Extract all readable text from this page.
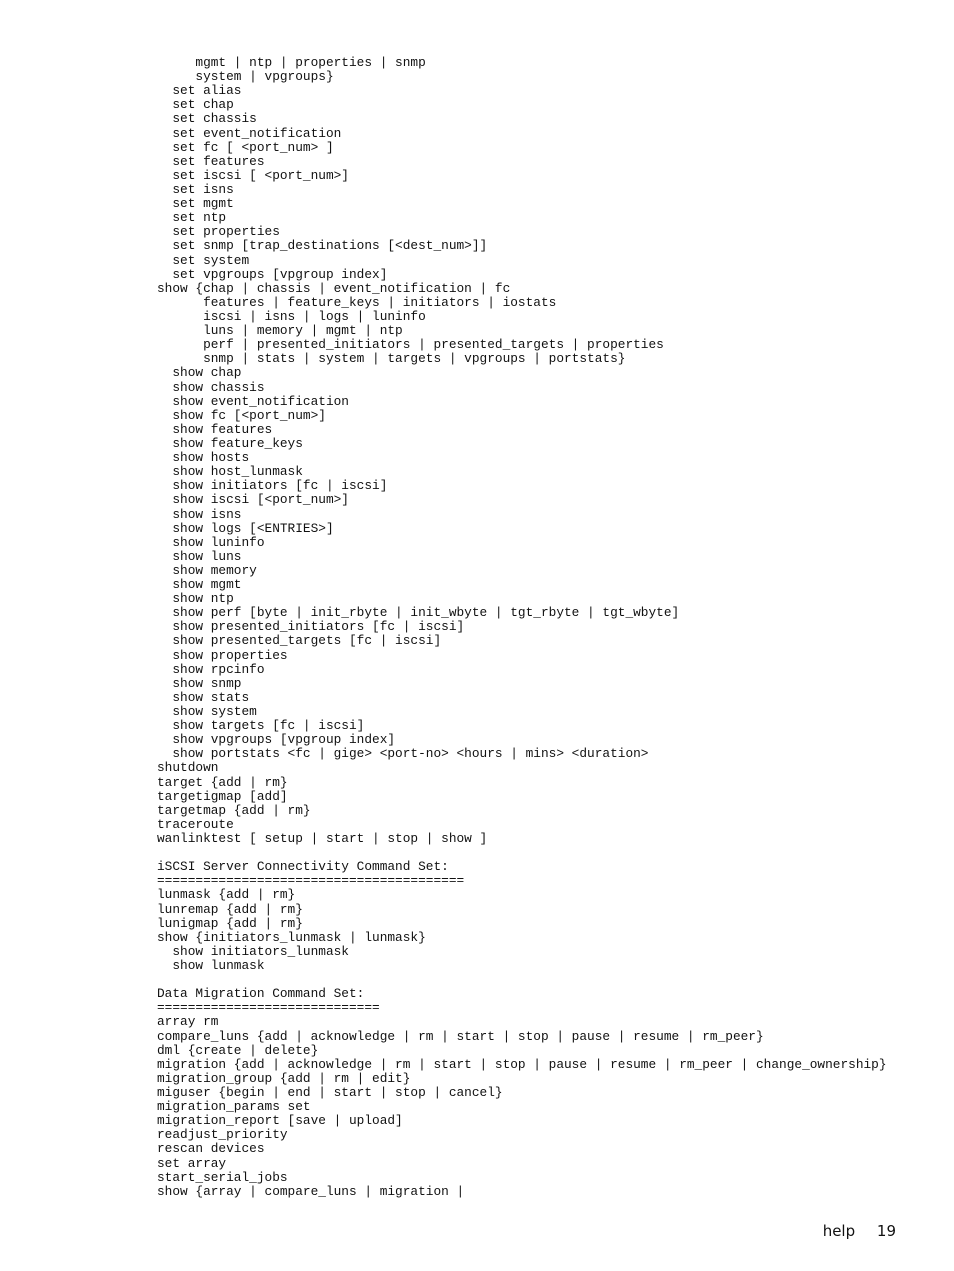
mgmt | ntp | properties | snmp
system | vpgroups}
set alias
set chap
set chassis
set event_notification
set fc [ <port_num> ]
set features
set iscsi [ <port_num>]
set isns
set mgmt
set ntp
set properties
set snmp [trap_destinations [<dest_num>]]
set system
set vpgroups [vpgroup index]
show {chap | chassis | event_notification | fc
features | feature_keys | initiators | iostats
iscsi | isns | logs | luninfo
luns | memory | mgmt | ntp
perf | presented_initiators | presented_targets | properties
snmp | stats | system | targets | vpgroups | portstats}
show chap
show chassis
show event_notification
show fc [<port_num>]
show features
show feature_keys
show hosts
show host_lunmask
show initiators [fc | iscsi]
show iscsi [<port_num>]
show isns
show logs [<ENTRIES>]
show luninfo
show luns
show memory
show mgmt
show ntp
show perf [byte | init_rbyte | init_wbyte | tgt_rbyte | tgt_wbyte]
show presented_initiators [fc | iscsi]
show presented_targets [fc | iscsi]
show properties
show rpcinfo
show snmp
show stats
show system
show targets [fc | iscsi]
show vpgroups [vpgroup index]
show portstats <fc | gige> <port-no> <hours | mins> <duration>
shutdown
target {add | rm}
targetigmap [add]
targetmap {add | rm}
traceroute
wanlinktest [ setup | start | stop | show ]
iSCSI Server Connectivity Command Set:
========================================
lunmask {add | rm}
lunremap {add | rm}
lunigmap {add | rm}
show {initiators_lunmask | lunmask}
show initiators_lunmask
show lunmask
Data Migration Command Set:
=============================
array rm
compare_luns {add | acknowledge | rm | start | stop | pause | resume | rm_peer}
dml {create | delete}
migration {add | acknowledge | rm | start | stop | pause | resume | rm_peer | change_ownership}
migration_group {add | rm | edit}
miguser {begin | end | start | stop | cancel}
migration_params set
migration_report [save | upload]
readjust_priority
rescan devices
set array
start_serial_jobs
show {array | compare_luns | migration |
help 19
